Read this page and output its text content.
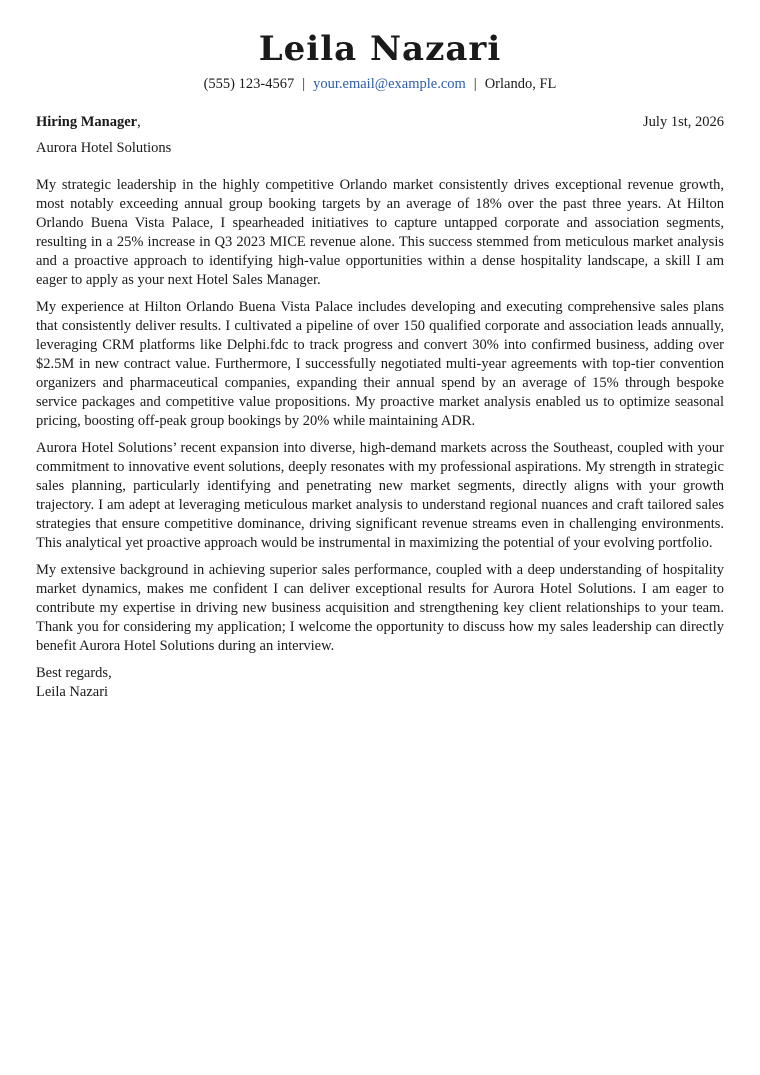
Leila Nazari
(555) 123-4567 | your.email@example.com | Orlando, FL
Hiring Manager,	July 1st, 2026
Aurora Hotel Solutions

My strategic leadership in the highly competitive Orlando market consistently drives exceptional revenue growth, most notably exceeding annual group booking targets by an average of 18% over the past three years. At Hilton Orlando Buena Vista Palace, I spearheaded initiatives to capture untapped corporate and association segments, resulting in a 25% increase in Q3 2023 MICE revenue alone. This success stemmed from meticulous market analysis and a proactive approach to identifying high-value opportunities within a dense hospitality landscape, a skill I am eager to apply as your next Hotel Sales Manager.

My experience at Hilton Orlando Buena Vista Palace includes developing and executing comprehensive sales plans that consistently deliver results. I cultivated a pipeline of over 150 qualified corporate and association leads annually, leveraging CRM platforms like Delphi.fdc to track progress and convert 30% into confirmed business, adding over $2.5M in new contract value. Furthermore, I successfully negotiated multi-year agreements with top-tier convention organizers and pharmaceutical companies, expanding their annual spend by an average of 15% through bespoke service packages and competitive value propositions. My proactive market analysis enabled us to optimize seasonal pricing, boosting off-peak group bookings by 20% while maintaining ADR.

Aurora Hotel Solutions’ recent expansion into diverse, high-demand markets across the Southeast, coupled with your commitment to innovative event solutions, deeply resonates with my professional aspirations. My strength in strategic sales planning, particularly identifying and penetrating new market segments, directly aligns with your growth trajectory. I am adept at leveraging meticulous market analysis to understand regional nuances and craft tailored sales strategies that ensure competitive dominance, driving significant revenue streams even in challenging environments. This analytical yet proactive approach would be instrumental in maximizing the potential of your evolving portfolio.

My extensive background in achieving superior sales performance, coupled with a deep understanding of hospitality market dynamics, makes me confident I can deliver exceptional results for Aurora Hotel Solutions. I am eager to contribute my expertise in driving new business acquisition and strengthening key client relationships to your team. Thank you for considering my application; I welcome the opportunity to discuss how my sales leadership can directly benefit Aurora Hotel Solutions during an interview.

Best regards,
Leila Nazari
